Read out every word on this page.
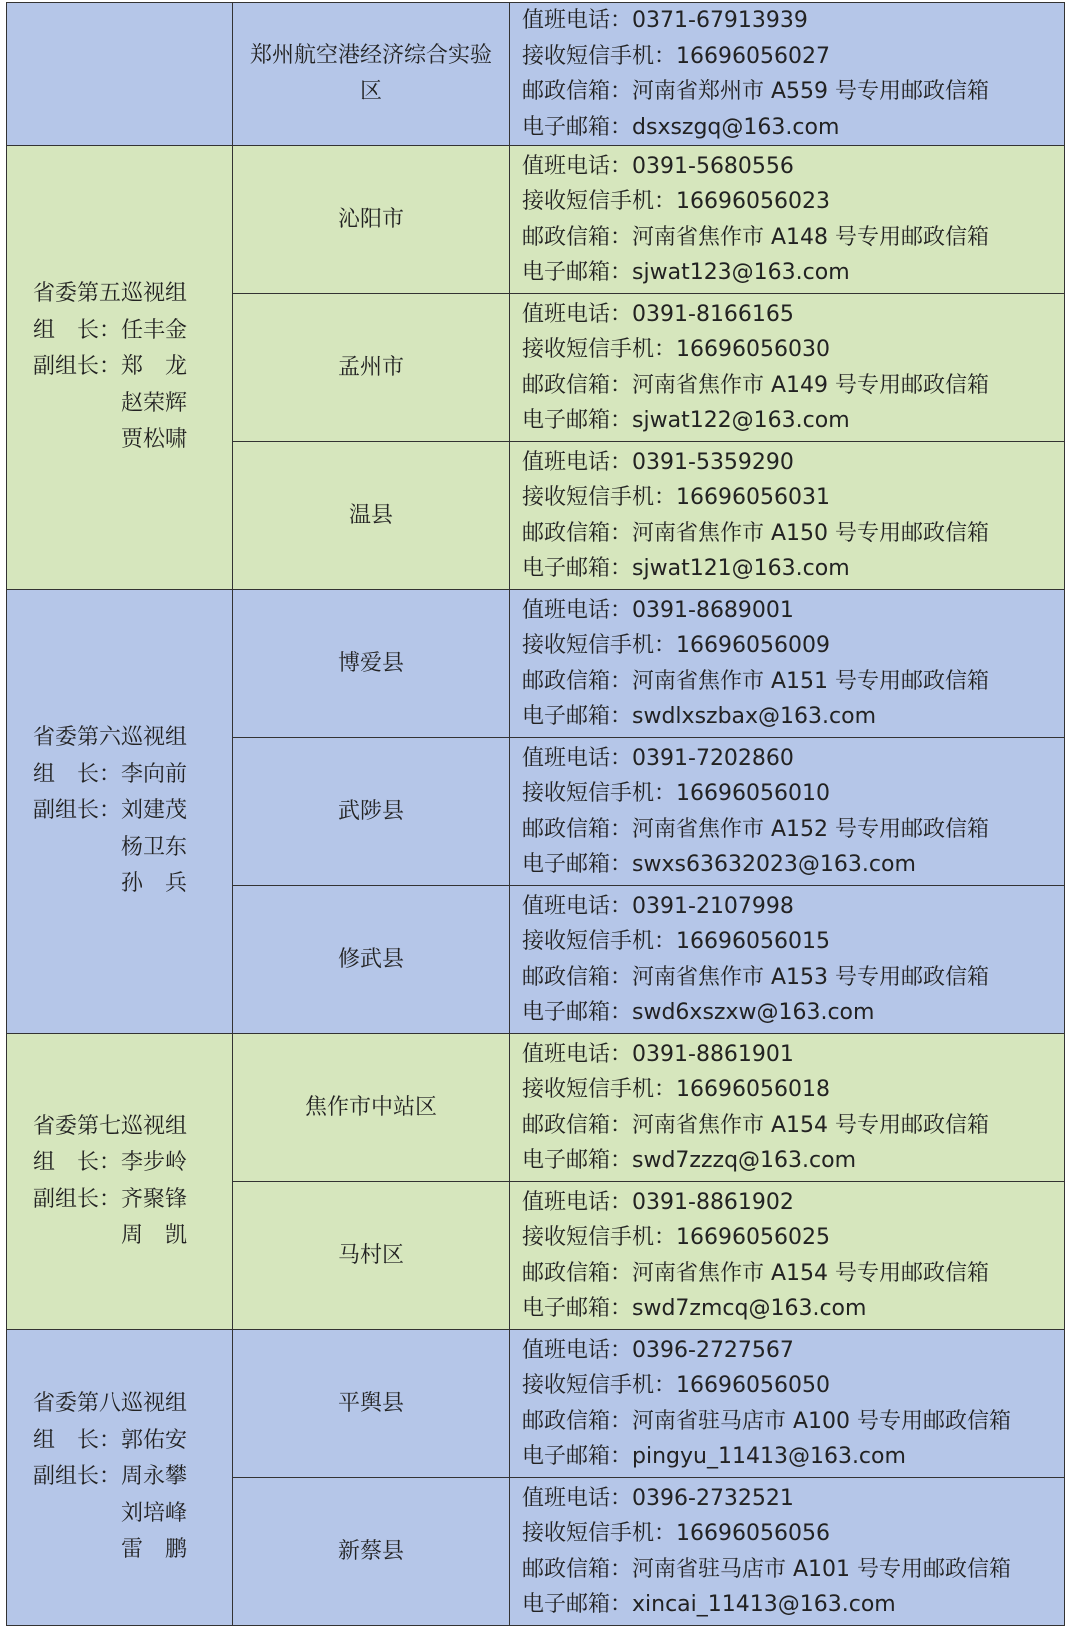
	郑州航空港经济综合实验区	值班电话：0371-67913939
接收短信手机：16696056027
邮政信箱：河南省郑州市 A559 号专用邮政信箱
电子邮箱：dsxszgq@163.com

省委第五巡视组
组　长：任丰金
副组长：郑　龙
　　　　赵荣辉
　　　　贾松啸	沁阳市	值班电话：0391-5680556
接收短信手机：16696056023
邮政信箱：河南省焦作市 A148 号专用邮政信箱
电子邮箱：sjwat123@163.com

	孟州市	值班电话：0391-8166165
接收短信手机：16696056030
邮政信箱：河南省焦作市 A149 号专用邮政信箱
电子邮箱：sjwat122@163.com

	温县	值班电话：0391-5359290
接收短信手机：16696056031
邮政信箱：河南省焦作市 A150 号专用邮政信箱
电子邮箱：sjwat121@163.com

省委第六巡视组
组　长：李向前
副组长：刘建茂
　　　　杨卫东
　　　　孙　兵	博爱县	值班电话：0391-8689001
接收短信手机：16696056009
邮政信箱：河南省焦作市 A151 号专用邮政信箱
电子邮箱：swdlxszbax@163.com

	武陟县	值班电话：0391-7202860
接收短信手机：16696056010
邮政信箱：河南省焦作市 A152 号专用邮政信箱
电子邮箱：swxs63632023@163.com

	修武县	值班电话：0391-2107998
接收短信手机：16696056015
邮政信箱：河南省焦作市 A153 号专用邮政信箱
电子邮箱：swd6xszxw@163.com

省委第七巡视组
组　长：李步岭
副组长：齐聚锋
　　　　周　凯	焦作市中站区	值班电话：0391-8861901
接收短信手机：16696056018
邮政信箱：河南省焦作市 A154 号专用邮政信箱
电子邮箱：swd7zzzq@163.com

	马村区	值班电话：0391-8861902
接收短信手机：16696056025
邮政信箱：河南省焦作市 A154 号专用邮政信箱
电子邮箱：swd7zmcq@163.com

省委第八巡视组
组　长：郭佑安
副组长：周永攀
　　　　刘培峰
　　　　雷　鹏	平舆县	值班电话：0396-2727567
接收短信手机：16696056050
邮政信箱：河南省驻马店市 A100 号专用邮政信箱
电子邮箱：pingyu_11413@163.com

	新蔡县	值班电话：0396-2732521
接收短信手机：16696056056
邮政信箱：河南省驻马店市 A101 号专用邮政信箱
电子邮箱：xincai_11413@163.com
